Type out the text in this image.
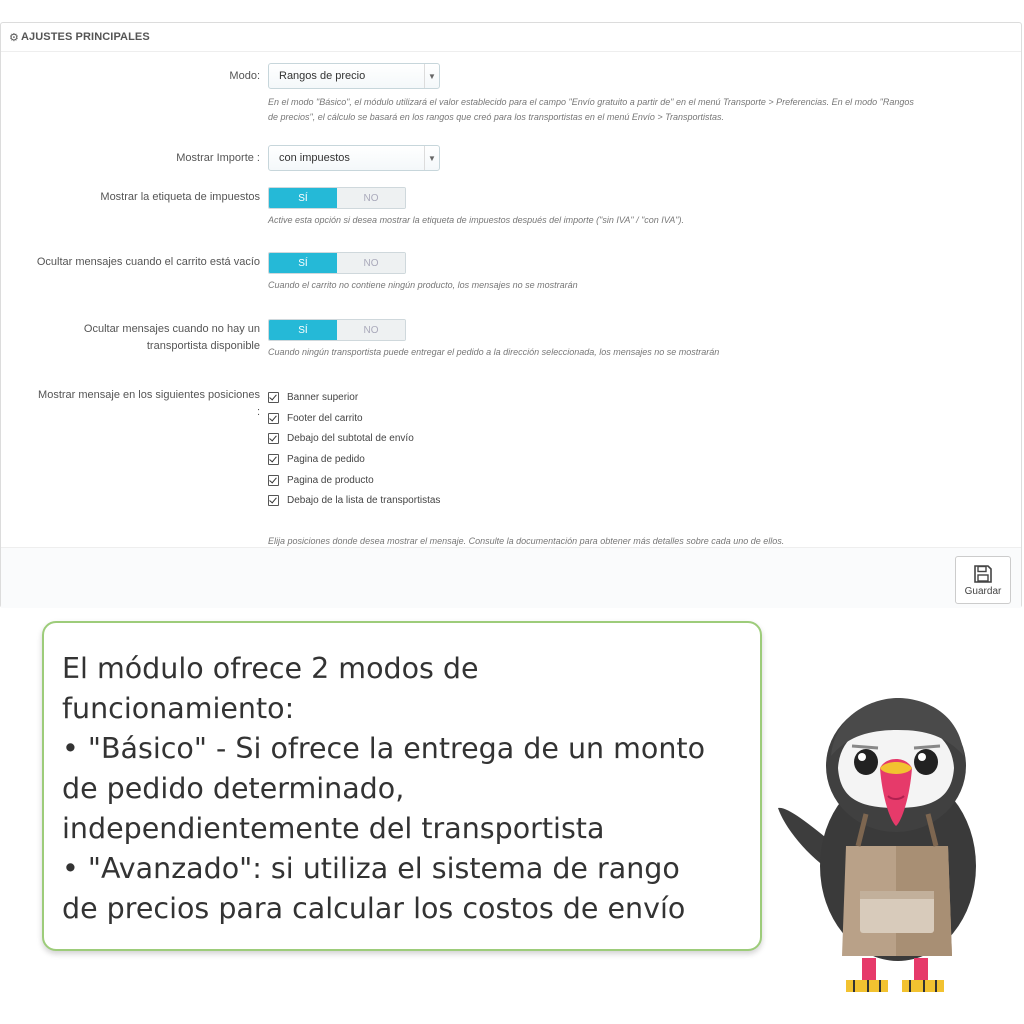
⚙ AJUSTES PRINCIPALES
Modo: Rangos de precio	▼
En el modo "Básico", el módulo utilizará el valor establecido para el campo "Envío gratuito a partir de" en el menú Transporte > Preferencias. En el modo "Rangos
de precios", el cálculo se basará en los rangos que creó para los transportistas en el menú Envío > Transportistas.
Mostrar Importe : con impuestos	▼
Mostrar la etiqueta de impuestos	SÍ	NO
Active esta opción si desea mostrar la etiqueta de impuestos después del importe ("sin IVA" / "con IVA").
Ocultar mensajes cuando el carrito está vacío	SÍ	NO
Cuando el carrito no contiene ningún producto, los mensajes no se mostrarán
Ocultar mensajes cuando no hay un
transportista disponible
SÍ	NO
Cuando ningún transportista puede entregar el pedido a la dirección seleccionada, los mensajes no se mostrarán
Mostrar mensaje en los siguientes posiciones
:
Banner superior
Footer del carrito
Debajo del subtotal de envío
Pagina de pedido
Pagina de producto
Debajo de la lista de transportistas
Elija posiciones donde desea mostrar el mensaje. Consulte la documentación para obtener más detalles sobre cada uno de ellos.
Guardar
El módulo ofrece 2 modos de
funcionamiento:
• "Básico" - Si ofrece la entrega de un monto
de pedido determinado,
independientemente del transportista
• "Avanzado": si utiliza el sistema de rango
de precios para calcular los costos de envío
